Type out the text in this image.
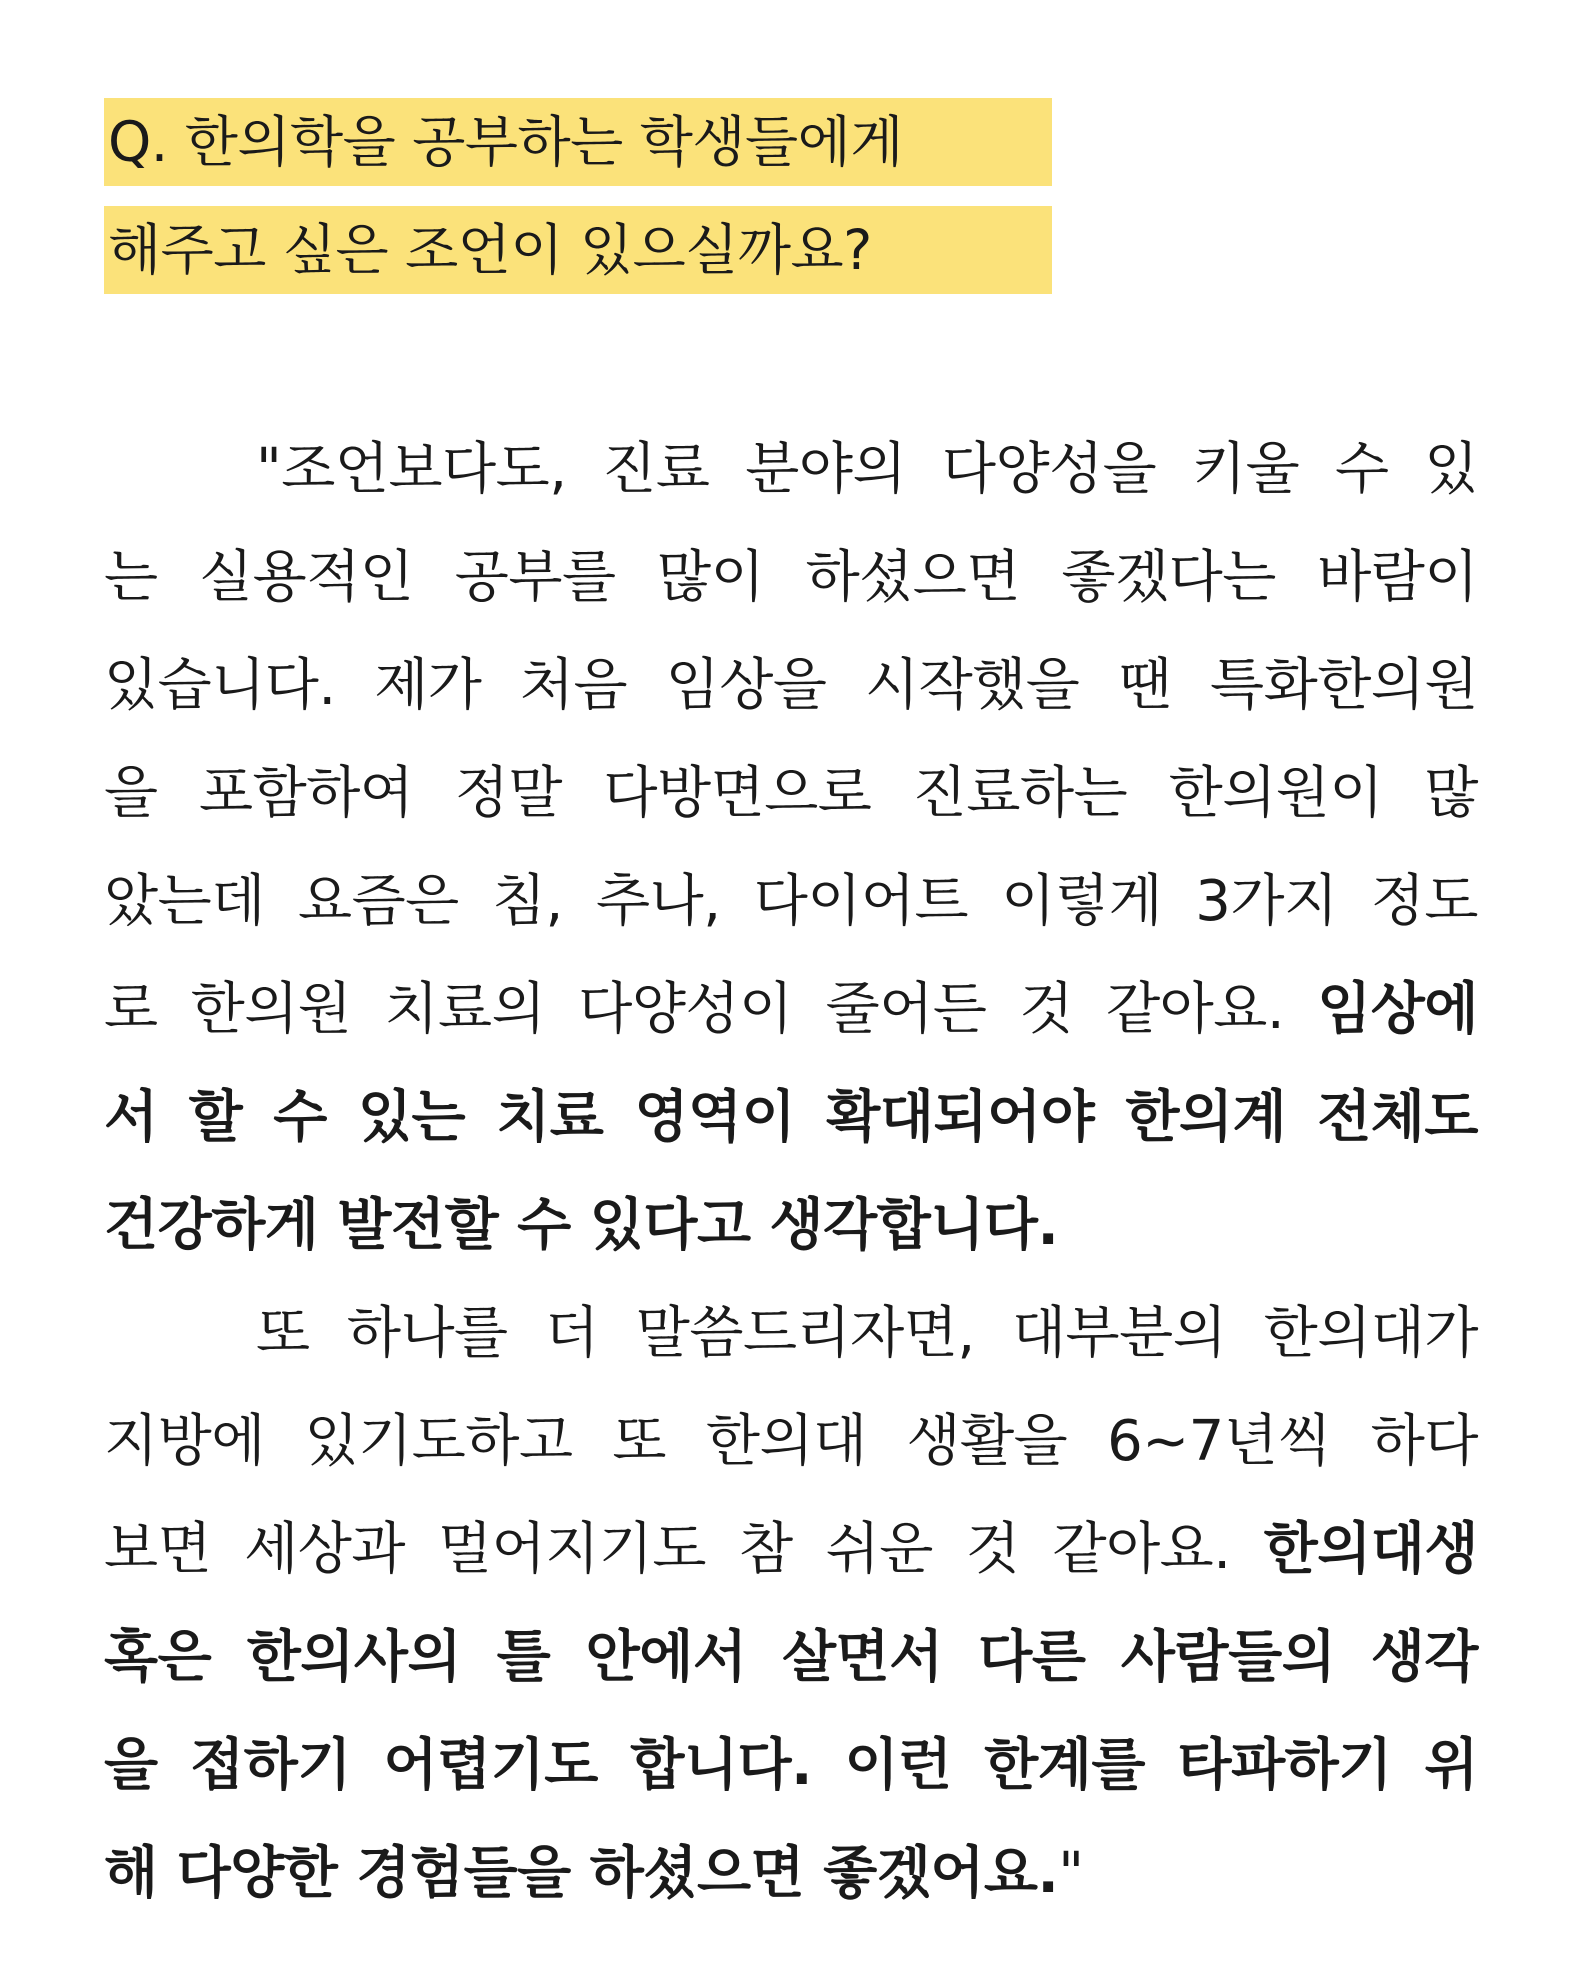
Q. 한의학을 공부하는 학생들에게
해주고 싶은 조언이 있으실까요?
"조언보다도, 진료 분야의 다양성을 키울 수 있
는 실용적인 공부를 많이 하셨으면 좋겠다는 바람이
있습니다. 제가 처음 임상을 시작했을 땐 특화한의원
을 포함하여 정말 다방면으로 진료하는 한의원이 많
았는데 요즘은 침, 추나, 다이어트 이렇게 3가지 정도
로 한의원 치료의 다양성이 줄어든 것 같아요. 임상에
서 할 수 있는 치료 영역이 확대되어야 한의계 전체도
건강하게 발전할 수 있다고 생각합니다.
또 하나를 더 말씀드리자면, 대부분의 한의대가
지방에 있기도하고 또 한의대 생활을 6~7년씩 하다
보면 세상과 멀어지기도 참 쉬운 것 같아요. 한의대생
혹은 한의사의 틀 안에서 살면서 다른 사람들의 생각
을 접하기 어렵기도 합니다. 이런 한계를 타파하기 위
해 다양한 경험들을 하셨으면 좋겠어요."
